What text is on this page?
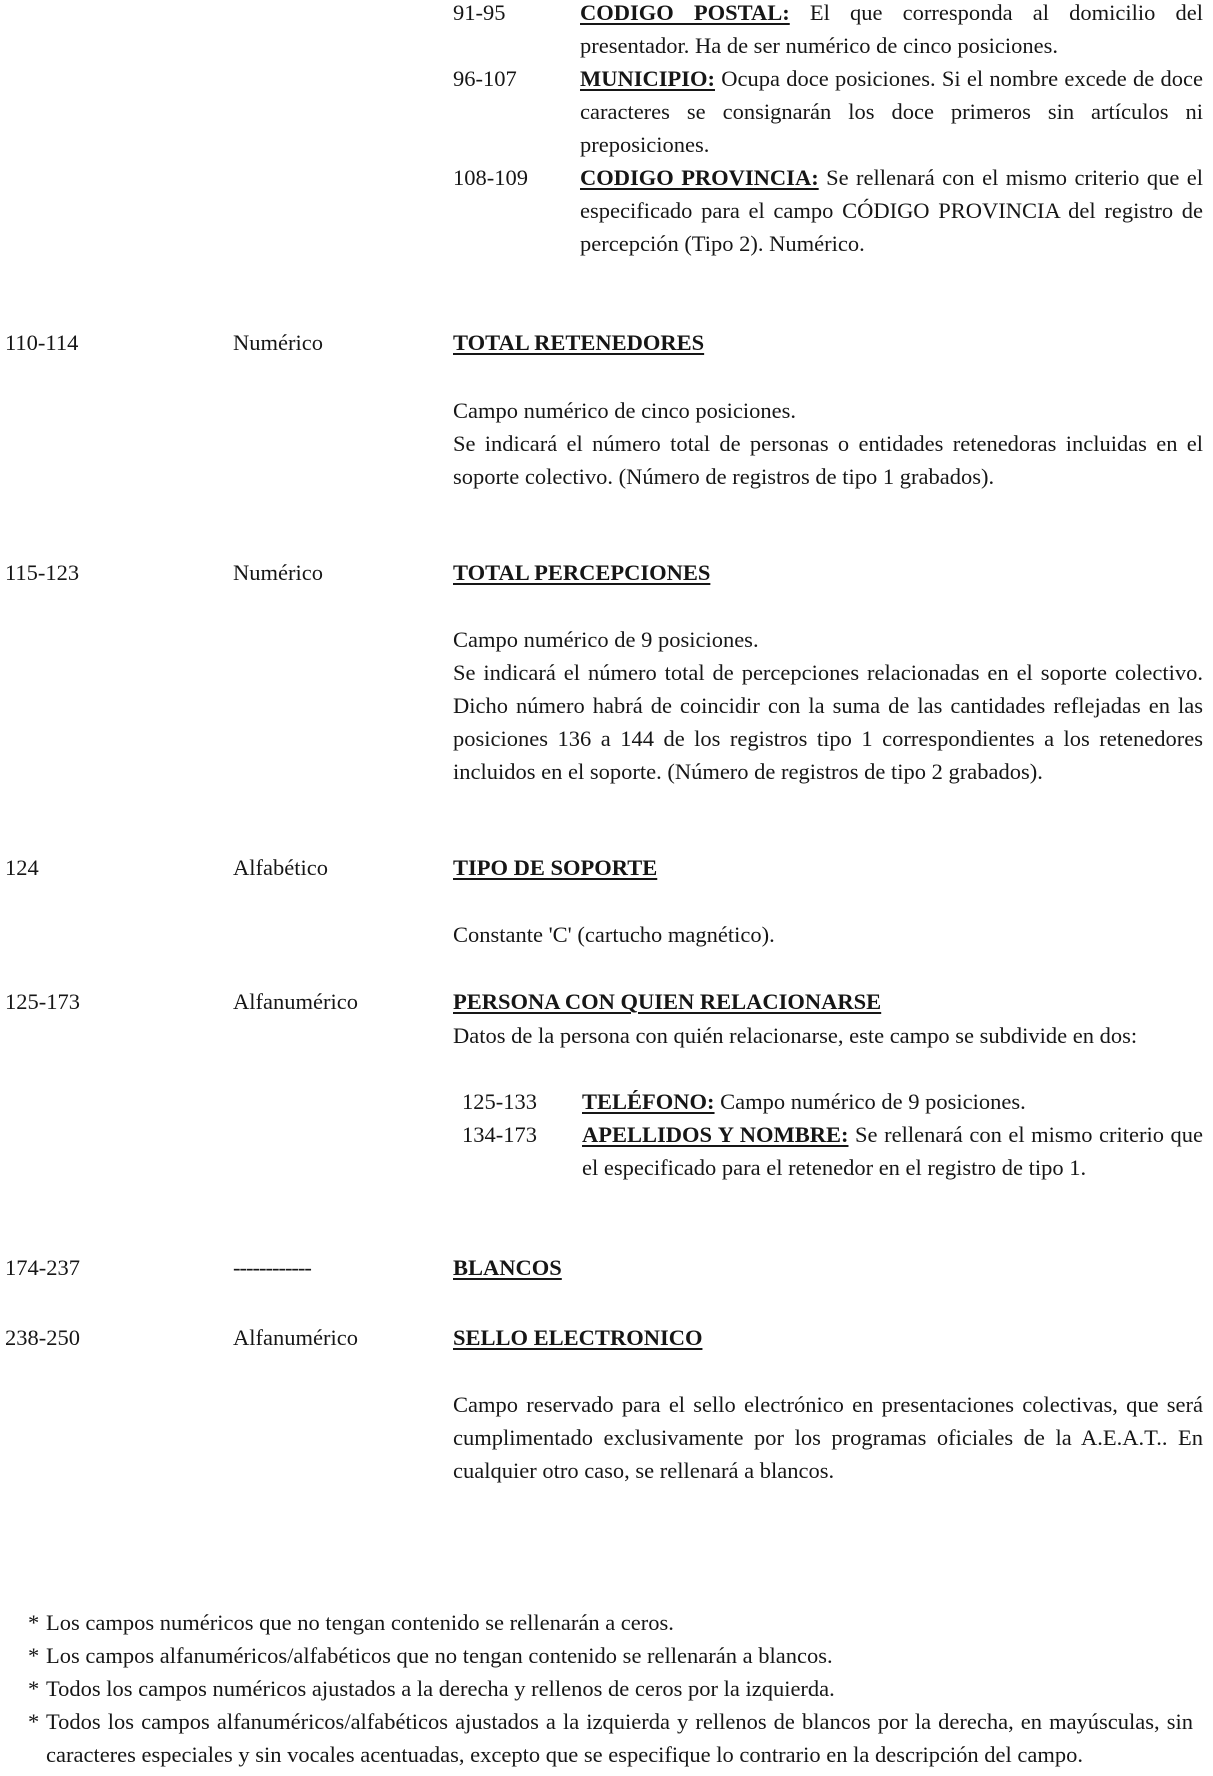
91-95	CODIGO POSTAL: El que corresponda al domicilio del presentador. Ha de ser numérico de cinco posiciones.
96-107	MUNICIPIO: Ocupa doce posiciones. Si el nombre excede de doce caracteres se consignarán los doce primeros sin artículos ni preposiciones.
108-109 CODIGO PROVINCIA: Se rellenará con el mismo criterio que el especificado para el campo CÓDIGO PROVINCIA del registro de percepción (Tipo 2). Numérico.
110-114	Numérico	TOTAL RETENEDORES
Campo numérico de cinco posiciones.
Se indicará el número total de personas o entidades retenedoras incluidas en el soporte colectivo. (Número de registros de tipo 1 grabados).
115-123	Numérico	TOTAL PERCEPCIONES
Campo numérico de 9 posiciones.
Se indicará el número total de percepciones relacionadas en el soporte colectivo. Dicho número habrá de coincidir con la suma de las cantidades reflejadas en las posiciones 136 a 144 de los registros tipo 1 correspondientes a los retenedores incluidos en el soporte. (Número de registros de tipo 2 grabados).
124	Alfabético	TIPO DE SOPORTE
Constante 'C' (cartucho magnético).
125-173	Alfanumérico	PERSONA CON QUIEN RELACIONARSE
Datos de la persona con quién relacionarse, este campo se subdivide en dos:
125-133 TELÉFONO: Campo numérico de 9 posiciones.
134-173 APELLIDOS Y NOMBRE: Se rellenará con el mismo criterio que el especificado para el retenedor en el registro de tipo 1.
174-237	------------	BLANCOS
238-250	Alfanumérico	SELLO ELECTRONICO
Campo reservado para el sello electrónico en presentaciones colectivas, que será cumplimentado exclusivamente por los programas oficiales de la A.E.A.T.. En cualquier otro caso, se rellenará a blancos.
* Los campos numéricos que no tengan contenido se rellenarán a ceros.
* Los campos alfanuméricos/alfabéticos que no tengan contenido se rellenarán a blancos.
* Todos los campos numéricos ajustados a la derecha y rellenos de ceros por la izquierda.
* Todos los campos alfanuméricos/alfabéticos ajustados a la izquierda y rellenos de blancos por la derecha, en mayúsculas, sin caracteres especiales y sin vocales acentuadas, excepto que se especifique lo contrario en la descripción del campo.
